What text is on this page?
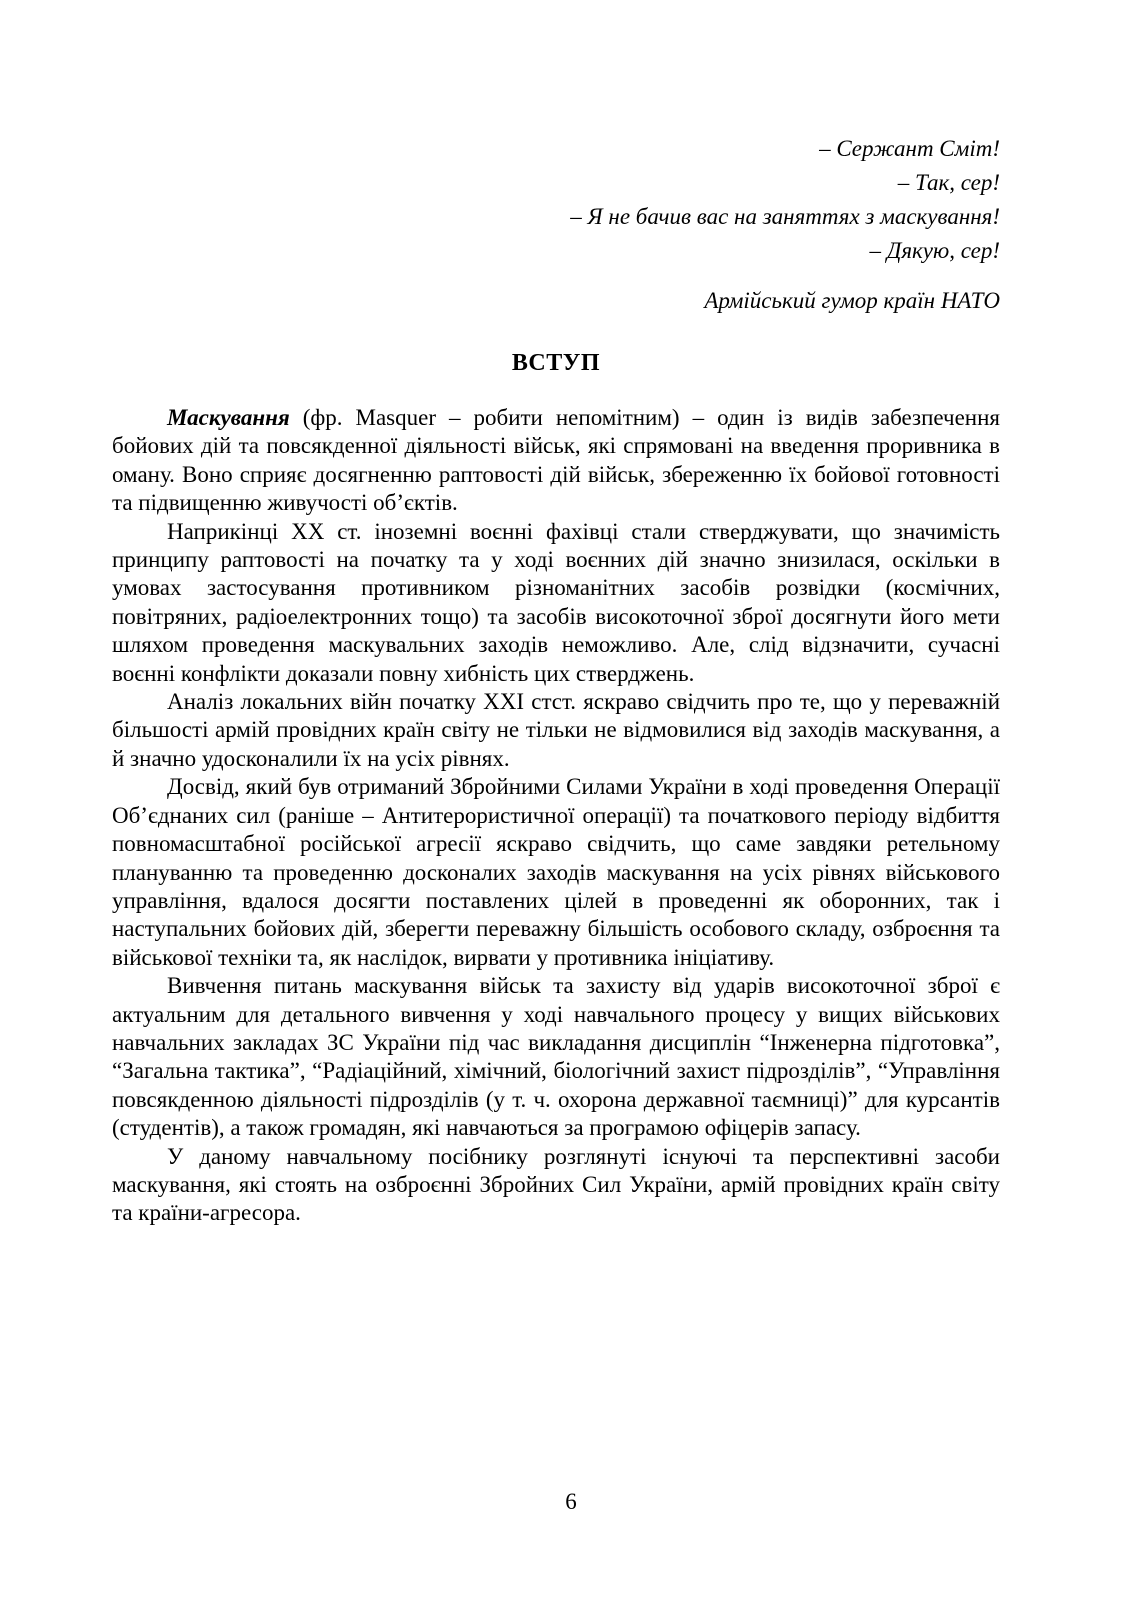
– Сержант Сміт!
– Так, сер!
– Я не бачив вас на заняттях з маскування!
– Дякую, сер!
Армійський гумор країн НАТО
ВСТУП

Маскування (фр. Masquer – робити непомітним) – один із видів забезпечення бойових дій та повсякденної діяльності військ, які спрямовані на введення проривника в оману. Воно сприяє досягненню раптовості дій військ, збереженню їх бойової готовності та підвищенню живучості об’єктів.

Наприкінці XX ст. іноземні воєнні фахівці стали стверджувати, що значимість принципу раптовості на початку та у ході воєнних дій значно знизилася, оскільки в умовах застосування противником різноманітних засобів розвідки (космічних, повітряних, радіоелектронних тощо) та засобів високоточної зброї досягнути його мети шляхом проведення маскувальних заходів неможливо. Але, слід відзначити, сучасні воєнні конфлікти доказали повну хибність цих стверджень.

Аналіз локальних війн початку XXI стст. яскраво свідчить про те, що у переважній більшості армій провідних країн світу не тільки не відмовилися від заходів маскування, а й значно удосконалили їх на усіх рівнях.

Досвід, який був отриманий Збройними Силами України в ході проведення Операції Об’єднаних сил (раніше – Антитерористичної операції) та початкового періоду відбиття повномасштабної російської агресії яскраво свідчить, що саме завдяки ретельному плануванню та проведенню досконалих заходів маскування на усіх рівнях військового управління, вдалося досягти поставлених цілей в проведенні як оборонних, так і наступальних бойових дій, зберегти переважну більшість особового складу, озброєння та військової техніки та, як наслідок, вирвати у противника ініціативу.

Вивчення питань маскування військ та захисту від ударів високоточної зброї є актуальним для детального вивчення у ході навчального процесу у вищих військових навчальних закладах ЗС України під час викладання дисциплін “Інженерна підготовка”, “Загальна тактика”, “Радіаційний, хімічний, біологічний захист підрозділів”, “Управління повсякденною діяльності підрозділів (у т. ч. охорона державної таємниці)” для курсантів (студентів), а також громадян, які навчаються за програмою офіцерів запасу.

У даному навчальному посібнику розглянуті існуючі та перспективні засоби маскування, які стоять на озброєнні Збройних Сил України, армій провідних країн світу та країни-агресора.

6
